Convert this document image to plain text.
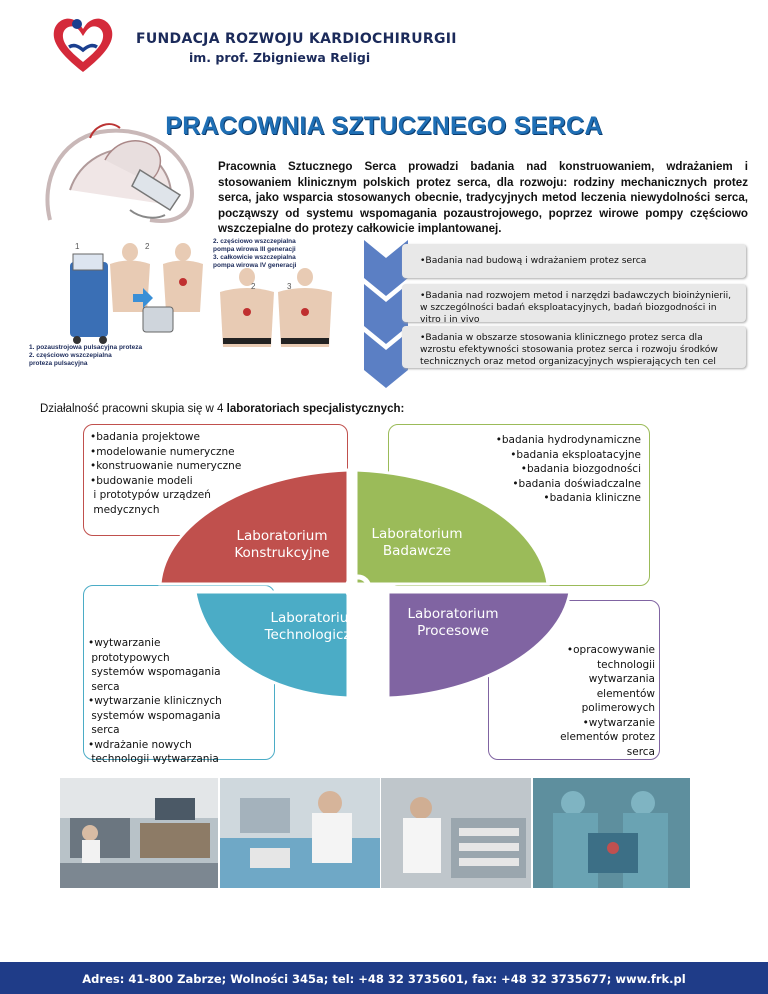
FUNDACJA ROZWOJU KARDIOCHIRURGII
im. prof. Zbigniewa Religi
PRACOWNIA SZTUCZNEGO SERCA
Pracownia Sztucznego Serca prowadzi badania nad konstruowaniem, wdrażaniem i stosowaniem klinicznym polskich protez serca, dla rozwoju: rodziny mechanicznych protez serca, jako wsparcia stosowanych obecnie, tradycyjnych metod leczenia niewydolności serca, począwszy od systemu wspomagania pozaustrojowego, poprzez wirowe pompy częściowo wszczepialne do protezy całkowicie implantowanej.
1	2
2	3
2. częściowo wszczepialna
pompa wirowa III generacji
3. całkowicie wszczepialna
pompa wirowa IV generacji
1. pozaustrojowa pulsacyjna proteza
2. częściowo wszczepialna
proteza pulsacyjna
•Badania nad budową i wdrażaniem protez serca
•Badania nad rozwojem metod i narzędzi badawczych bioinżynierii, w szczególności badań eksploatacyjnych, badań biozgodności in vitro i in vivo
•Badania w obszarze stosowania klinicznego protez serca dla wzrostu efektywności stosowania protez serca i rozwoju środków technicznych oraz metod organizacyjnych wspierających ten cel
Działalność pracowni skupia się w 4 laboratoriach specjalistycznych:
•badania projektowe
•modelowanie numeryczne
•konstruowanie numeryczne
•budowanie modeli
i prototypów urządzeń
medycznych
•badania hydrodynamiczne
•badania eksploatacyjne
•badania biozgodności
•badania doświadczalne
•badania kliniczne
•wytwarzanie
prototypowych
systemów wspomagania
serca
•wytwarzanie klinicznych
systemów wspomagania
serca
•wdrażanie nowych
technologii wytwarzania
•opracowywanie
technologii
wytwarzania
elementów
polimerowych
•wytwarzanie
elementów protez
serca
Laboratorium
Konstrukcyjne
Laboratorium
Badawcze
Laboratorium
Technologiczne
Laboratorium
Procesowe
Adres: 41-800 Zabrze; Wolności 345a; tel: +48 32 3735601, fax: +48 32 3735677; www.frk.pl
